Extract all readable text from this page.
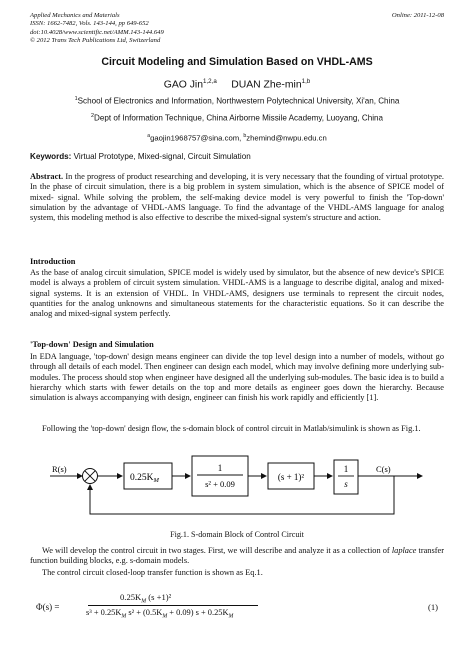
Applied Mechanics and Materials
ISSN: 1662-7482, Vols. 143-144, pp 649-652
doi:10.4028/www.scientific.net/AMM.143-144.649
© 2012 Trans Tech Publications Ltd, Switzerland
Online: 2011-12-08
Circuit Modeling and Simulation Based on VHDL-AMS
GAO Jin$^{1,2,a}$ DUAN Zhe-$\min^{1,b}$
$^1$School of Electronics and Information, Northwestern Polytechnical University, Xi'an, China
$^2$Dept of Information Technique, China Airborne Missile Academy, Luoyang, China
$^a$gaojin1968757@sina.com, $^b$zhemind@nwpu.edu.cn
Keywords: Virtual Prototype, Mixed-signal, Circuit Simulation
Abstract. In the progress of product researching and developing, it is very necessary that the founding of virtual prototype. In the phase of circuit simulation, there is a big problem in system simulation, which is the absence of SPICE model of mixed- signal. While solving the problem, the self-making device model is very powerful to finish the 'Top-down' simulation by the advantage of VHDL-AMS language. To find the advantage of the VHDL-AMS language for analog system, this modeling method is also effective to describe the mixed-signal system's structure and action.
Introduction
As the base of analog circuit simulation, SPICE model is widely used by simulator, but the absence of new device's SPICE model is always a problem of circuit system simulation. VHDL-AMS is a language to describe digital, analog and mixed-signal systems. It is an extension of VHDL. In VHDL-AMS, designers use terminals to represent the circuit nodes, quantities for the analog unknowns and simultaneous statements for the characteristic equations. So it can describe the analog and mixed-signal system perfectly.
'Top-down' Design and Simulation
In EDA language, 'top-down' design means engineer can divide the top level design into a number of models, without go through all details of each model. Then engineer can design each model, which may involve defining more underlying sub-modules. The process should stop when engineer have designed all the underlying sub-modules. The basic idea is to build a hierarchy which starts with fewer details on the top and more details as engineer goes down the hierarchy. Because simulation is always accompanying with design, engineer can finish his work rapidly and efficiently [1].
Following the 'top-down' design flow, the s-domain block of control circuit in Matlab/simulink is shown as Fig.1.
R(s)
$0.25K_M$
1
s² + 0.09
(s + 1)²
1
s
C(s)
Fig.1. S-domain Block of Control Circuit
We will develop the control circuit in two stages. First, we will describe and analyze it as a collection of laplace transfer function building blocks, e.g. s-domain models.
The control circuit closed-loop transfer function is shown as Eq.1.
Φ(s) =
$0.25K_M$ (s +1)²
$s^3 + 0.25K_M$ $s^2 + (0.5K_M + 0.09) s + 0.25K_M$
(1)
